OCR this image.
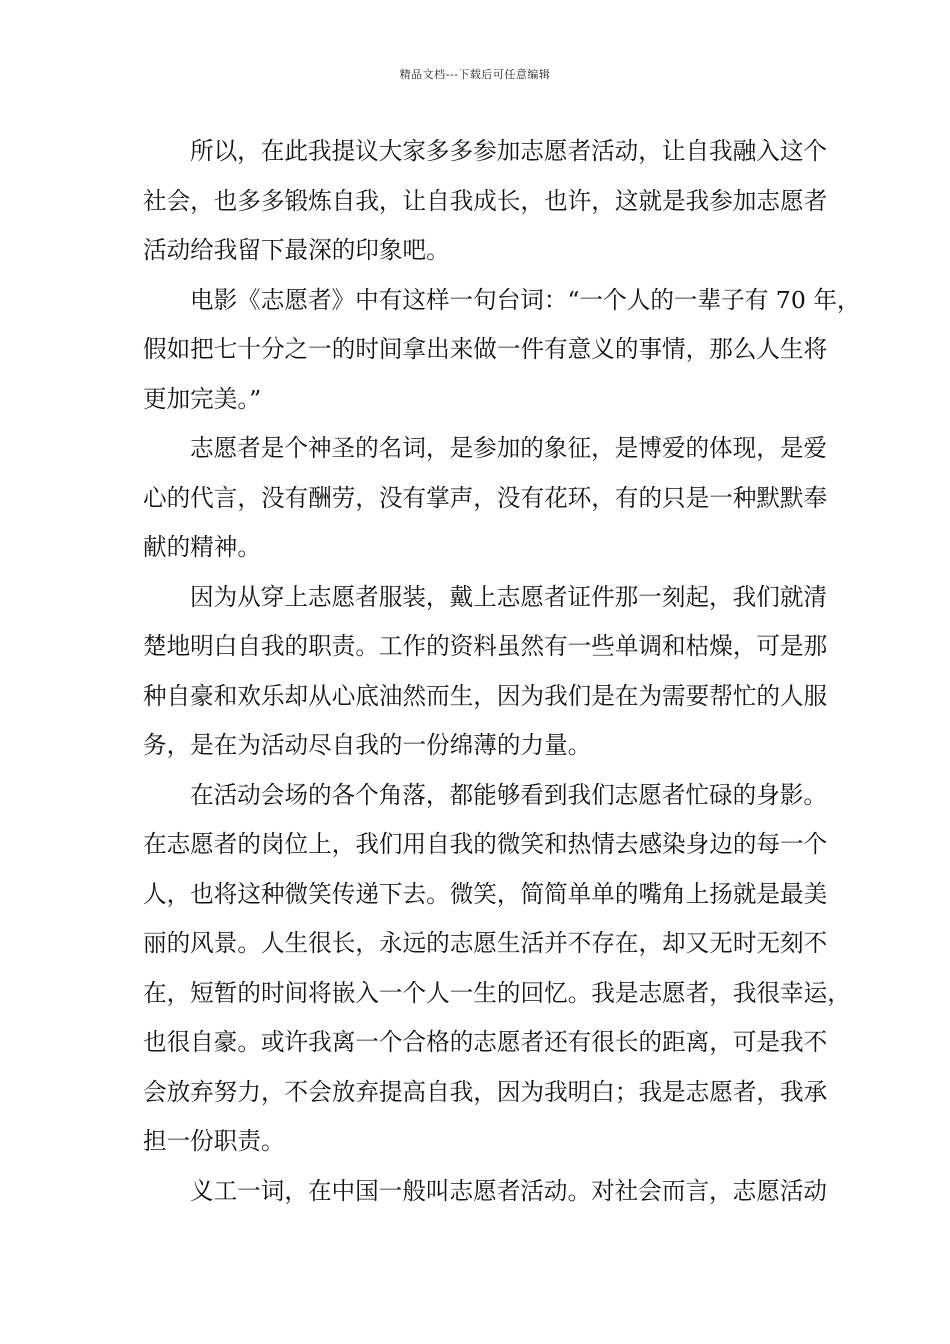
精品文档---下载后可任意编辑

所以，在此我提议大家多多参加志愿者活动，让自我融入这个
社会，也多多锻炼自我，让自我成长，也许，这就是我参加志愿者
活动给我留下最深的印象吧。

电影《志愿者》中有这样一句台词：“一个人的一辈子有 70 年，
假如把七十分之一的时间拿出来做一件有意义的事情，那么人生将
更加完美。”

志愿者是个神圣的名词，是参加的象征，是博爱的体现，是爱
心的代言，没有酬劳，没有掌声，没有花环，有的只是一种默默奉
献的精神。

因为从穿上志愿者服装，戴上志愿者证件那一刻起，我们就清
楚地明白自我的职责。工作的资料虽然有一些单调和枯燥，可是那
种自豪和欢乐却从心底油然而生，因为我们是在为需要帮忙的人服
务，是在为活动尽自我的一份绵薄的力量。

在活动会场的各个角落，都能够看到我们志愿者忙碌的身影。
在志愿者的岗位上，我们用自我的微笑和热情去感染身边的每一个
人，也将这种微笑传递下去。微笑，简简单单的嘴角上扬就是最美
丽的风景。人生很长，永远的志愿生活并不存在，却又无时无刻不
在，短暂的时间将嵌入一个人一生的回忆。我是志愿者，我很幸运，
也很自豪。或许我离一个合格的志愿者还有很长的距离，可是我不
会放弃努力，不会放弃提高自我，因为我明白；我是志愿者，我承
担一份职责。

义工一词，在中国一般叫志愿者活动。对社会而言，志愿活动
